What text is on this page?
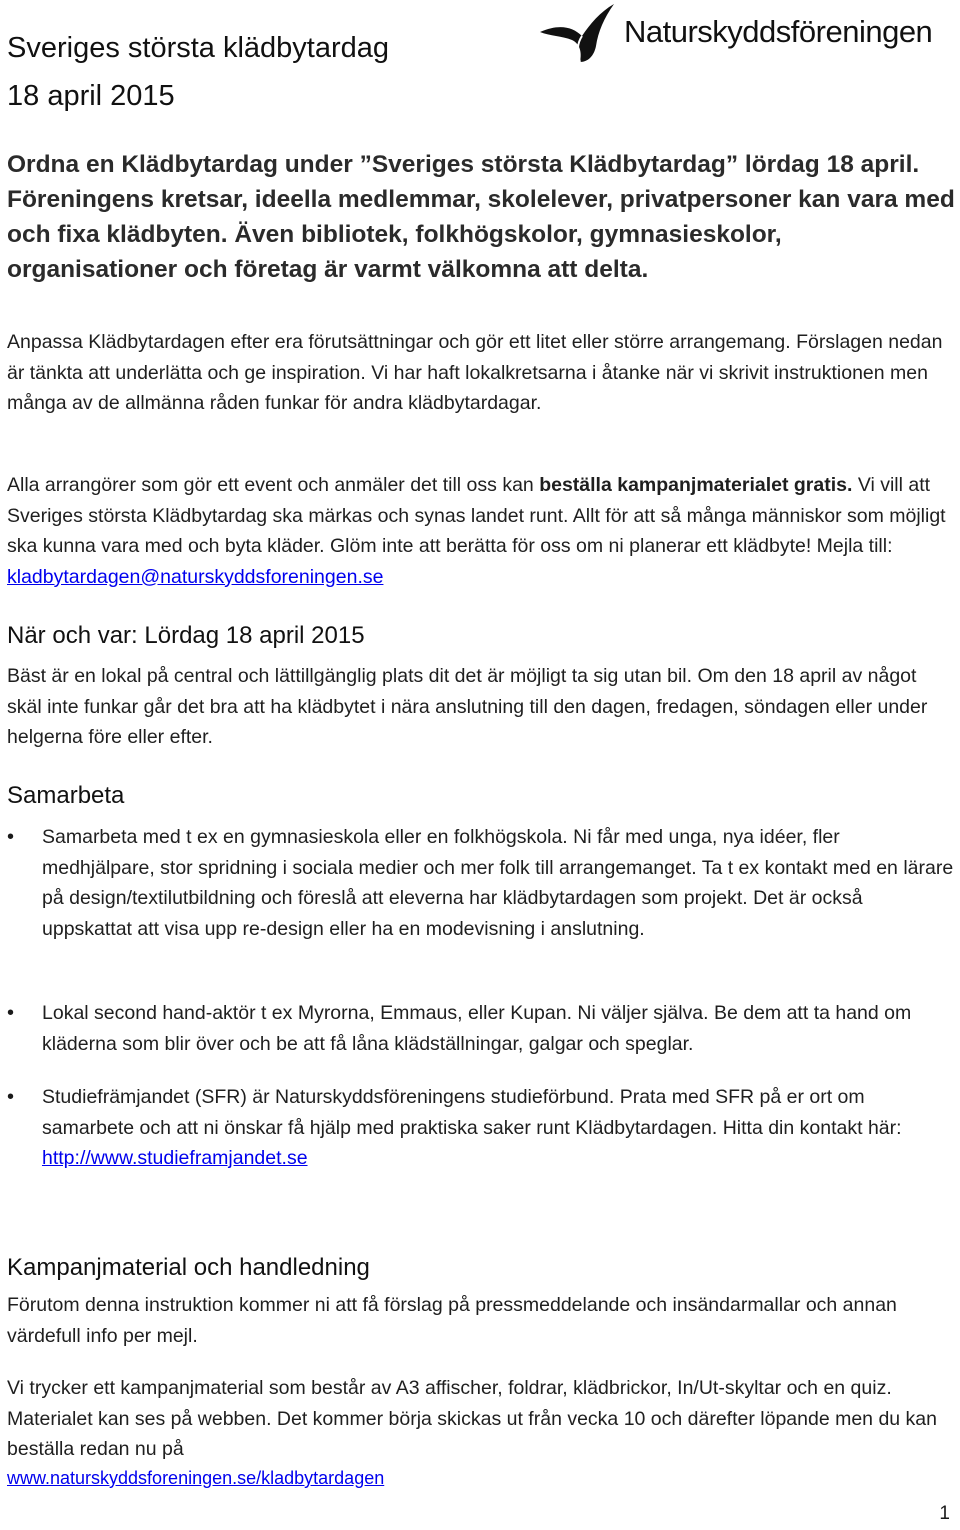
Sveriges största klädbytardag
18 april 2015
Naturskyddsföreningen
Ordna en Klädbytardag under ”Sveriges största Klädbytardag” lördag 18 april. Föreningens kretsar, ideella medlemmar, skolelever, privatpersoner kan vara med och fixa klädbyten. Även bibliotek, folkhögskolor, gymnasieskolor, organisationer och företag är varmt välkomna att delta.
Anpassa Klädbytardagen efter era förutsättningar och gör ett litet eller större arrangemang. Förslagen nedan är tänkta att underlätta och ge inspiration. Vi har haft lokalkretsarna i åtanke när vi skrivit instruktionen men många av de allmänna råden funkar för andra klädbytardagar.
Alla arrangörer som gör ett event och anmäler det till oss kan beställa kampanjmaterialet gratis. Vi vill att Sveriges största Klädbytardag ska märkas och synas landet runt. Allt för att så många människor som möjligt ska kunna vara med och byta kläder. Glöm inte att berätta för oss om ni planerar ett klädbyte! Mejla till: kladbytardagen@naturskyddsforeningen.se
När och var: Lördag 18 april 2015
Bäst är en lokal på central och lättillgänglig plats dit det är möjligt ta sig utan bil. Om den 18 april av något skäl inte funkar går det bra att ha klädbytet i nära anslutning till den dagen, fredagen, söndagen eller under helgerna före eller efter.
Samarbeta
• Samarbeta med t ex en gymnasieskola eller en folkhögskola. Ni får med unga, nya idéer, fler medhjälpare, stor spridning i sociala medier och mer folk till arrangemanget. Ta t ex kontakt med en lärare på design/textilutbildning och föreslå att eleverna har klädbytardagen som projekt. Det är också uppskattat att visa upp re-design eller ha en modevisning i anslutning.
• Lokal second hand-aktör t ex Myrorna, Emmaus, eller Kupan. Ni väljer själva. Be dem att ta hand om kläderna som blir över och be att få låna klädställningar, galgar och speglar.
• Studiefrämjandet (SFR) är Naturskyddsföreningens studieförbund. Prata med SFR på er ort om samarbete och att ni önskar få hjälp med praktiska saker runt Klädbytardagen. Hitta din kontakt här: http://www.studieframjandet.se
Kampanjmaterial och handledning
Förutom denna instruktion kommer ni att få förslag på pressmeddelande och insändarmallar och annan värdefull info per mejl.
Vi trycker ett kampanjmaterial som består av A3 affischer, foldrar, klädbrickor, In/Ut-skyltar och en quiz. Materialet kan ses på webben. Det kommer börja skickas ut från vecka 10 och därefter löpande men du kan beställa redan nu på
www.naturskyddsforeningen.se/kladbytardagen
1
